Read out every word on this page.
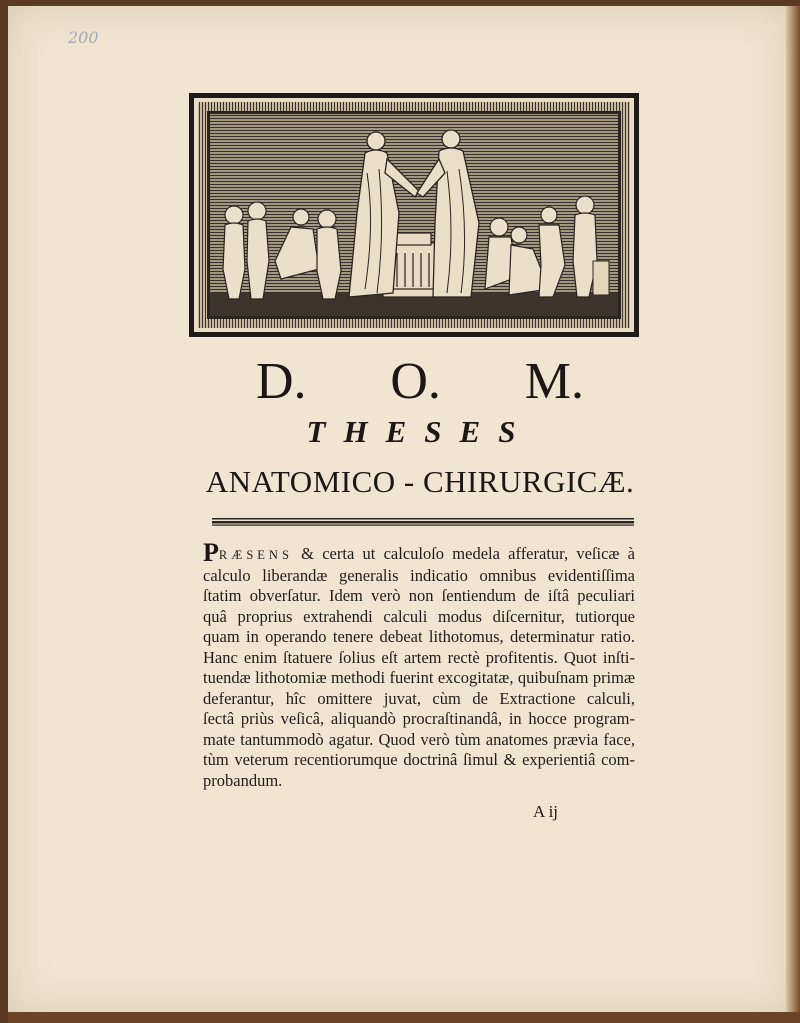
200
D. O. M.
THESES
ANATOMICO - CHIRURGICÆ.
PRÆSENS & certa ut calculoſo medela afferatur, veſicæ à
calculo liberandæ generalis indicatio omnibus evidentiſſima
ſtatim obverſatur. Idem verò non ſentiendum de iſtâ peculiari
quâ proprius extrahendi calculi modus diſcernitur, tutiorque
quam in operando tenere debeat lithotomus, determinatur ratio.
Hanc enim ſtatuere ſolius eſt artem rectè profitentis. Quot inſti-
tuendæ lithotomiæ methodi fuerint excogitatæ, quibuſnam primæ
deferantur, hîc omittere juvat, cùm de Extractione calculi,
ſectâ priùs veſicâ, aliquandò procraſtinandâ, in hocce program-
mate tantummodò agatur. Quod verò tùm anatomes prævia face,
tùm veterum recentiorumque doctrinâ ſimul & experientiâ com-
probandum.
A ij
